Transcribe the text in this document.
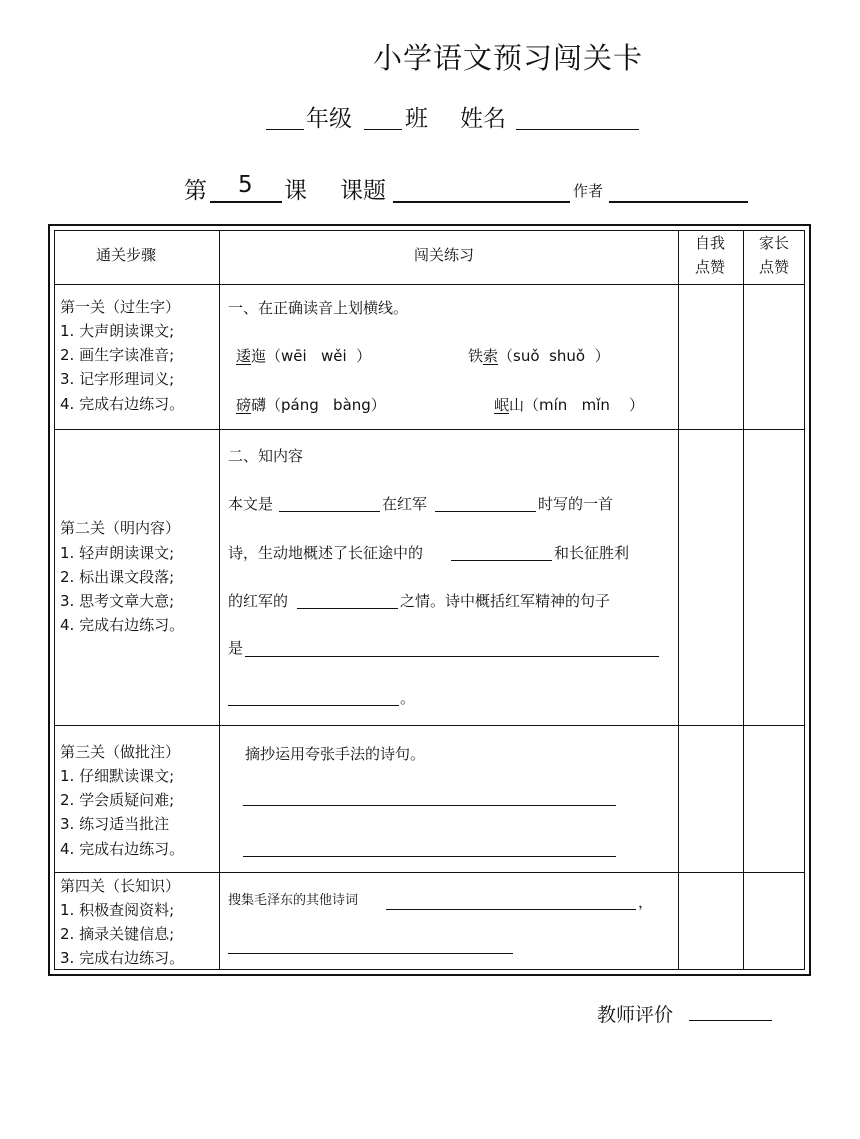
小学语文预习闯关卡
年级 班 姓名
第 5 课 课题	作者
通关步骤	闯关练习
自我
点赞
家长
点赞
第一关（过生字）
1. 大声朗读课文;
2. 画生字读准音;
3. 记字形理词义;
4. 完成右边练习。
一、在正确读音上划横线。
逶迤（wēi   wěi  ）	铁索（suǒ  shuǒ  ）
磅礴（páng   bàng）	岷山（mín   mǐn    ）
第二关（明内容）
1. 轻声朗读课文;
2. 标出课文段落;
3. 思考文章大意;
4. 完成右边练习。
二、知内容
本文是	在红军	时写的一首
诗，生动地概述了长征途中的	和长征胜利
的红军的	之情。诗中概括红军精神的句子
是
。
第三关（做批注）
1. 仔细默读课文;
2. 学会质疑问难;
3. 练习适当批注
4. 完成右边练习。
摘抄运用夸张手法的诗句。
第四关（长知识）
1. 积极查阅资料;
2. 摘录关键信息;
3. 完成右边练习。
搜集毛泽东的其他诗词	，
教师评价
